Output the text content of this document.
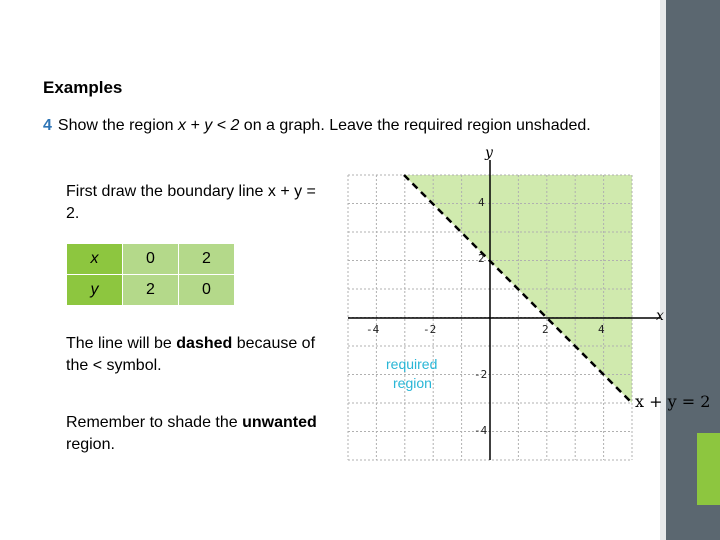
Examples
4 Show the region x + y < 2 on a graph. Leave the required region unshaded.
First draw the boundary line x + y = 2.
x	0	2
y	2	0
The line will be dashed because of the < symbol.
Remember to shade the unwanted region.
y
x
-4	-2	2	4
4
2
-2
-4
required
region
x + y = 2
